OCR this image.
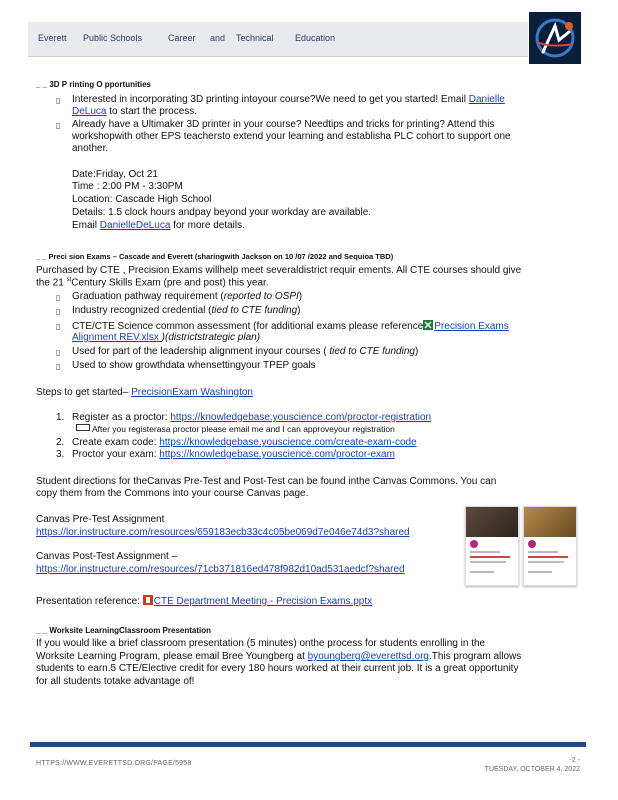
Everett Public Schools	Career and Technical Education
_ _ 3D P rinting O pportunities
▯ Interested in incorporating 3D printing intoyour course?We need to get you started! Email Danielle
DeLuca to start the process.
▯ Already have a Ultimaker 3D printer in your course? Needtips and tricks for printing? Attend this
workshopwith other EPS teachersto extend your learning and establisha PLC cohort to support one
another.
Date:Friday, Oct 21
Time : 2:00 PM - 3:30PM
Location: Cascade High School
Details: 1.5 clock hours andpay beyond your workday are available.
Email DanielleDeLuca for more details.
_ _ Preci sion Exams – Cascade and Everett (sharingwith Jackson on 10 /07 /2022 and Sequioa TBD)
Purchased by CTE , Precision Exams willhelp meet severaldistrict requir ements. All CTE courses should give
the 21 $^{st}$Century Skills Exam (pre and post) this year.
▯ Graduation pathway requirement (reported to OSPI)
▯ Industry recognized credential (tied to CTE funding)
▯ CTE/CTE Science common assessment (for additional exams please reference Precision Exams
Alignment REV.xlsx )(districtstrategic plan)
▯ Used for part of the leadership alignment inyour courses ( tied to CTE funding)
▯ Used to show growthdata whensettingyour TPEP goals
Steps to get started– PrecisionExam Washington
1. Register as a proctor: https://knowledgebase.youscience.com/proctor-registration
After you registerasa proctor please email me and I can approveyour registration
2. Create exam code: https://knowledgebase.youscience.com/create-exam-code
3. Proctor your exam: https://knowledgebase.youscience.com/proctor-exam
Student directions for theCanvas Pre-Test and Post-Test can be found inthe Canvas Commons. You can
copy them from the Commons into your course Canvas page.
Canvas Pre-Test Assignment
https://lor.instructure.com/resources/659183ecb33c4c05be069d7e046e74d3?shared
Canvas Post-Test Assignment –
https://lor.instructure.com/resources/71cb371816ed478f982d10ad531aedcf?shared
Presentation reference: CTE Department Meeting - Precision Exams.pptx
_ _ Worksite LearningClassroom Presentation
If you would like a brief classroom presentation (5 minutes) onthe process for students enrolling in the
Worksite Learning Program, please email Bree Youngberg at byoungberg@everettsd.org.This program allows
students to earn.5 CTE/Elective credit for every 180 hours worked at their current job. It is a great opportunity
for all students totake advantage of!
HTTPS://WWW.EVERETTSD.ORG/PAGE/5958	-2 -
TUESDAY, OCTOBER 4, 2022
